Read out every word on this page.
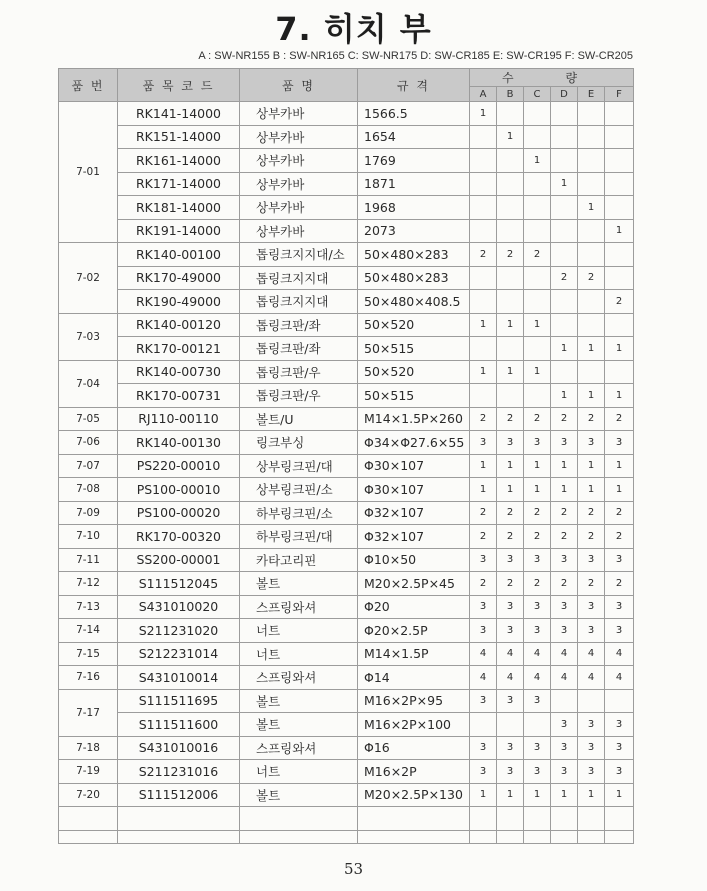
7. 히치 부
A : SW-NR155 B : SW-NR165 C: SW-NR175 D: SW-CR185 E: SW-CR195 F: SW-CR205
품 번	품 목 코 드	품 명	규 격	수 량					
				A	B	C	D	E	F
7-01	RK141-14000	상부카바	1566.5	1					
	RK151-14000	상부카바	1654		1				
	RK161-14000	상부카바	1769			1			
	RK171-14000	상부카바	1871				1		
	RK181-14000	상부카바	1968					1	
	RK191-14000	상부카바	2073						1
7-02	RK140-00100	톱링크지지대/소	50×480×283	2	2	2			
	RK170-49000	톱링크지지대	50×480×283				2	2	
	RK190-49000	톱링크지지대	50×480×408.5						2
7-03	RK140-00120	톱링크판/좌	50×520	1	1	1			
	RK170-00121	톱링크판/좌	50×515				1	1	1
7-04	RK140-00730	톱링크판/우	50×520	1	1	1			
	RK170-00731	톱링크판/우	50×515				1	1	1
7-05	RJ110-00110	볼트/U	M14×1.5P×260	2	2	2	2	2	2
7-06	RK140-00130	링크부싱	Φ34×Φ27.6×55	3	3	3	3	3	3
7-07	PS220-00010	상부링크핀/대	Φ30×107	1	1	1	1	1	1
7-08	PS100-00010	상부링크핀/소	Φ30×107	1	1	1	1	1	1
7-09	PS100-00020	하부링크핀/소	Φ32×107	2	2	2	2	2	2
7-10	RK170-00320	하부링크핀/대	Φ32×107	2	2	2	2	2	2
7-11	SS200-00001	카타고리핀	Φ10×50	3	3	3	3	3	3
7-12	S111512045	볼트	M20×2.5P×45	2	2	2	2	2	2
7-13	S431010020	스프링와셔	Φ20	3	3	3	3	3	3
7-14	S211231020	너트	Φ20×2.5P	3	3	3	3	3	3
7-15	S212231014	너트	M14×1.5P	4	4	4	4	4	4
7-16	S431010014	스프링와셔	Φ14	4	4	4	4	4	4
7-17	S111511695	볼트	M16×2P×95	3	3	3			
	S111511600	볼트	M16×2P×100				3	3	3
7-18	S431010016	스프링와셔	Φ16	3	3	3	3	3	3
7-19	S211231016	너트	M16×2P	3	3	3	3	3	3
7-20	S111512006	볼트	M20×2.5P×130	1	1	1	1	1	1

53
